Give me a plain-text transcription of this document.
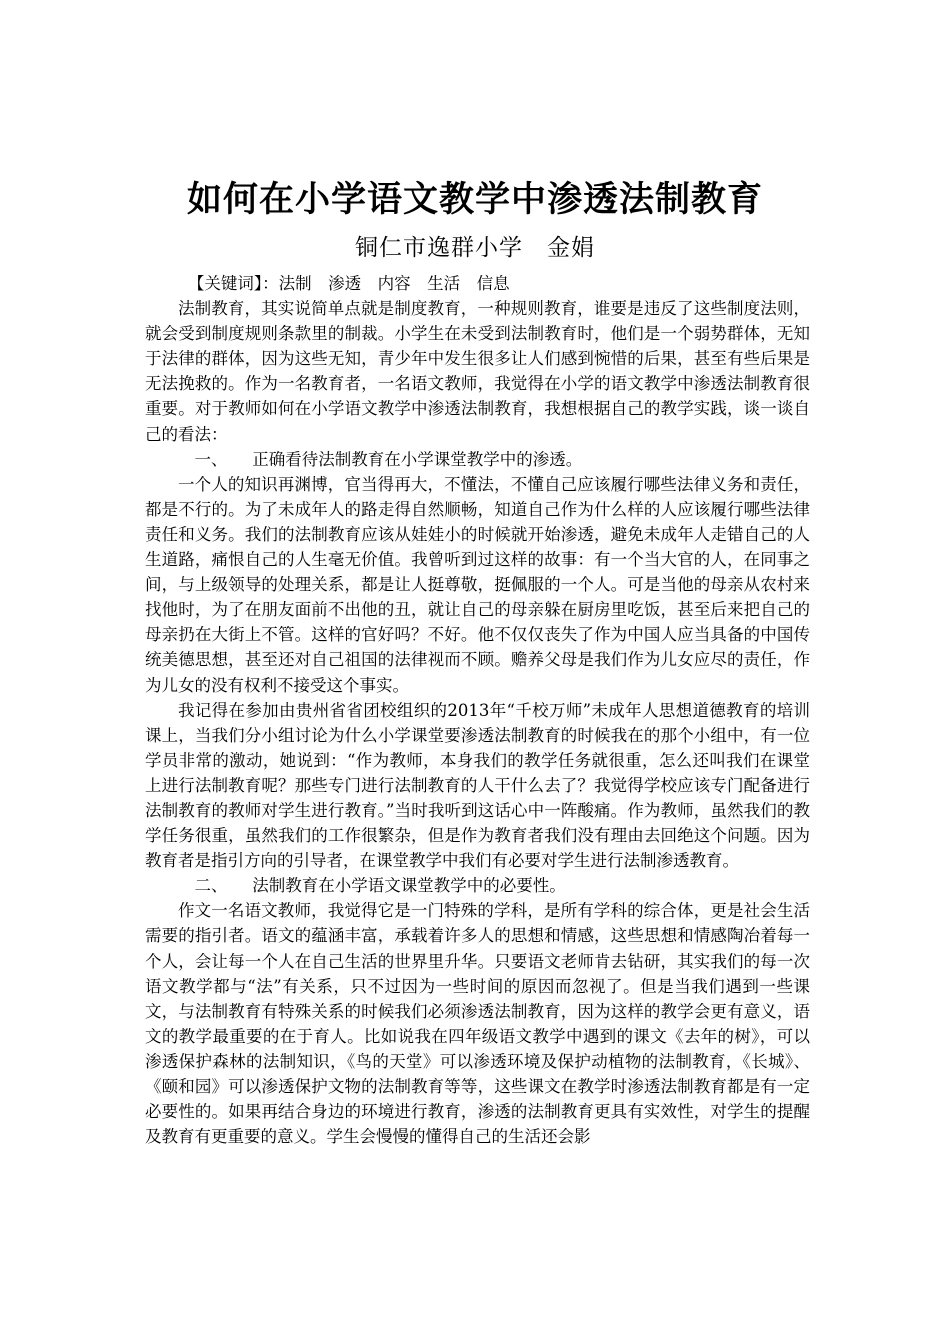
如何在小学语文教学中渗透法制教育
铜仁市逸群小学　金娟

【关键词】：法制　渗透　内容　生活　信息

法制教育，其实说简单点就是制度教育，一种规则教育，谁要是违反了这些制度法则，就会受到制度规则条款里的制裁。小学生在未受到法制教育时，他们是一个弱势群体，无知于法律的群体，因为这些无知，青少年中发生很多让人们感到惋惜的后果，甚至有些后果是无法挽救的。作为一名教育者，一名语文教师，我觉得在小学的语文教学中渗透法制教育很重要。对于教师如何在小学语文教学中渗透法制教育，我想根据自己的教学实践，谈一谈自己的看法：

一、 正确看待法制教育在小学课堂教学中的渗透。

一个人的知识再渊博，官当得再大，不懂法，不懂自己应该履行哪些法律义务和责任，都是不行的。为了未成年人的路走得自然顺畅，知道自己作为什么样的人应该履行哪些法律责任和义务。我们的法制教育应该从娃娃小的时候就开始渗透，避免未成年人走错自己的人生道路，痛恨自己的人生毫无价值。我曾听到过这样的故事：有一个当大官的人，在同事之间，与上级领导的处理关系，都是让人挺尊敬，挺佩服的一个人。可是当他的母亲从农村来找他时，为了在朋友面前不出他的丑，就让自己的母亲躲在厨房里吃饭，甚至后来把自己的母亲扔在大街上不管。这样的官好吗？不好。他不仅仅丧失了作为中国人应当具备的中国传统美德思想，甚至还对自己祖国的法律视而不顾。赡养父母是我们作为儿女应尽的责任，作为儿女的没有权利不接受这个事实。

我记得在参加由贵州省省团校组织的2013年“千校万师”未成年人思想道德教育的培训课上，当我们分小组讨论为什么小学课堂要渗透法制教育的时候我在的那个小组中，有一位学员非常的激动，她说到：“作为教师，本身我们的教学任务就很重，怎么还叫我们在课堂上进行法制教育呢？那些专门进行法制教育的人干什么去了？我觉得学校应该专门配备进行法制教育的教师对学生进行教育。”当时我听到这话心中一阵酸痛。作为教师，虽然我们的教学任务很重，虽然我们的工作很繁杂，但是作为教育者我们没有理由去回绝这个问题。因为教育者是指引方向的引导者，在课堂教学中我们有必要对学生进行法制渗透教育。

二、 法制教育在小学语文课堂教学中的必要性。

作文一名语文教师，我觉得它是一门特殊的学科，是所有学科的综合体，更是社会生活需要的指引者。语文的蕴涵丰富，承载着许多人的思想和情感，这些思想和情感陶冶着每一个人，会让每一个人在自己生活的世界里升华。只要语文老师肯去钻研，其实我们的每一次语文教学都与“法”有关系，只不过因为一些时间的原因而忽视了。但是当我们遇到一些课文，与法制教育有特殊关系的时候我们必须渗透法制教育，因为这样的教学会更有意义，语文的教学最重要的在于育人。比如说我在四年级语文教学中遇到的课文《去年的树》，可以渗透保护森林的法制知识，《鸟的天堂》可以渗透环境及保护动植物的法制教育，《长城》、《颐和园》可以渗透保护文物的法制教育等等，这些课文在教学时渗透法制教育都是有一定必要性的。如果再结合身边的环境进行教育，渗透的法制教育更具有实效性，对学生的提醒及教育有更重要的意义。学生会慢慢的懂得自己的生活还会影
